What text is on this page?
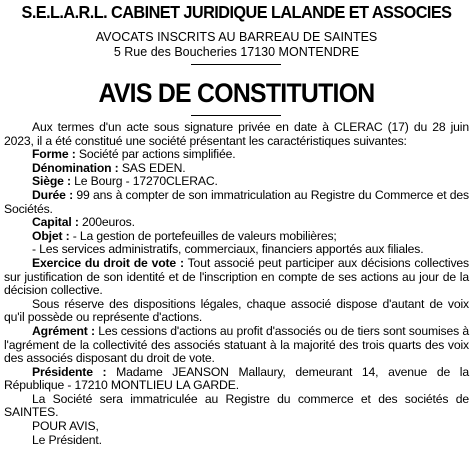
S.E.L.A.R.L. CABINET JURIDIQUE LALANDE ET ASSOCIES
AVOCATS INSCRITS AU BARREAU DE SAINTES
5 Rue des Boucheries 17130 MONTENDRE
AVIS DE CONSTITUTION

Aux termes d'un acte sous signature privée en date à CLERAC (17) du 28 juin 2023, il a été constitué une société présentant les caractéristiques suivantes:

Forme : Société par actions simplifiée.

Dénomination : SAS EDEN.

Siège : Le Bourg - 17270CLERAC.

Durée : 99 ans à compter de son immatriculation au Registre du Commerce et des Sociétés.

Capital : 200euros.

Objet : - La gestion de portefeuilles de valeurs mobilières;

- Les services administratifs, commerciaux, financiers apportés aux filiales.

Exercice du droit de vote : Tout associé peut participer aux décisions collectives sur justification de son identité et de l'inscription en compte de ses actions au jour de la décision collective.

Sous réserve des dispositions légales, chaque associé dispose d'autant de voix qu'il possède ou représente d'actions.

Agrément : Les cessions d'actions au profit d'associés ou de tiers sont soumises à l'agrément de la collectivité des associés statuant à la majorité des trois quarts des voix des associés disposant du droit de vote.

Présidente : Madame JEANSON Mallaury, demeurant 14, avenue de la République - 17210 MONTLIEU LA GARDE.

La Société sera immatriculée au Registre du commerce et des sociétés de SAINTES.

POUR AVIS,

Le Président.
